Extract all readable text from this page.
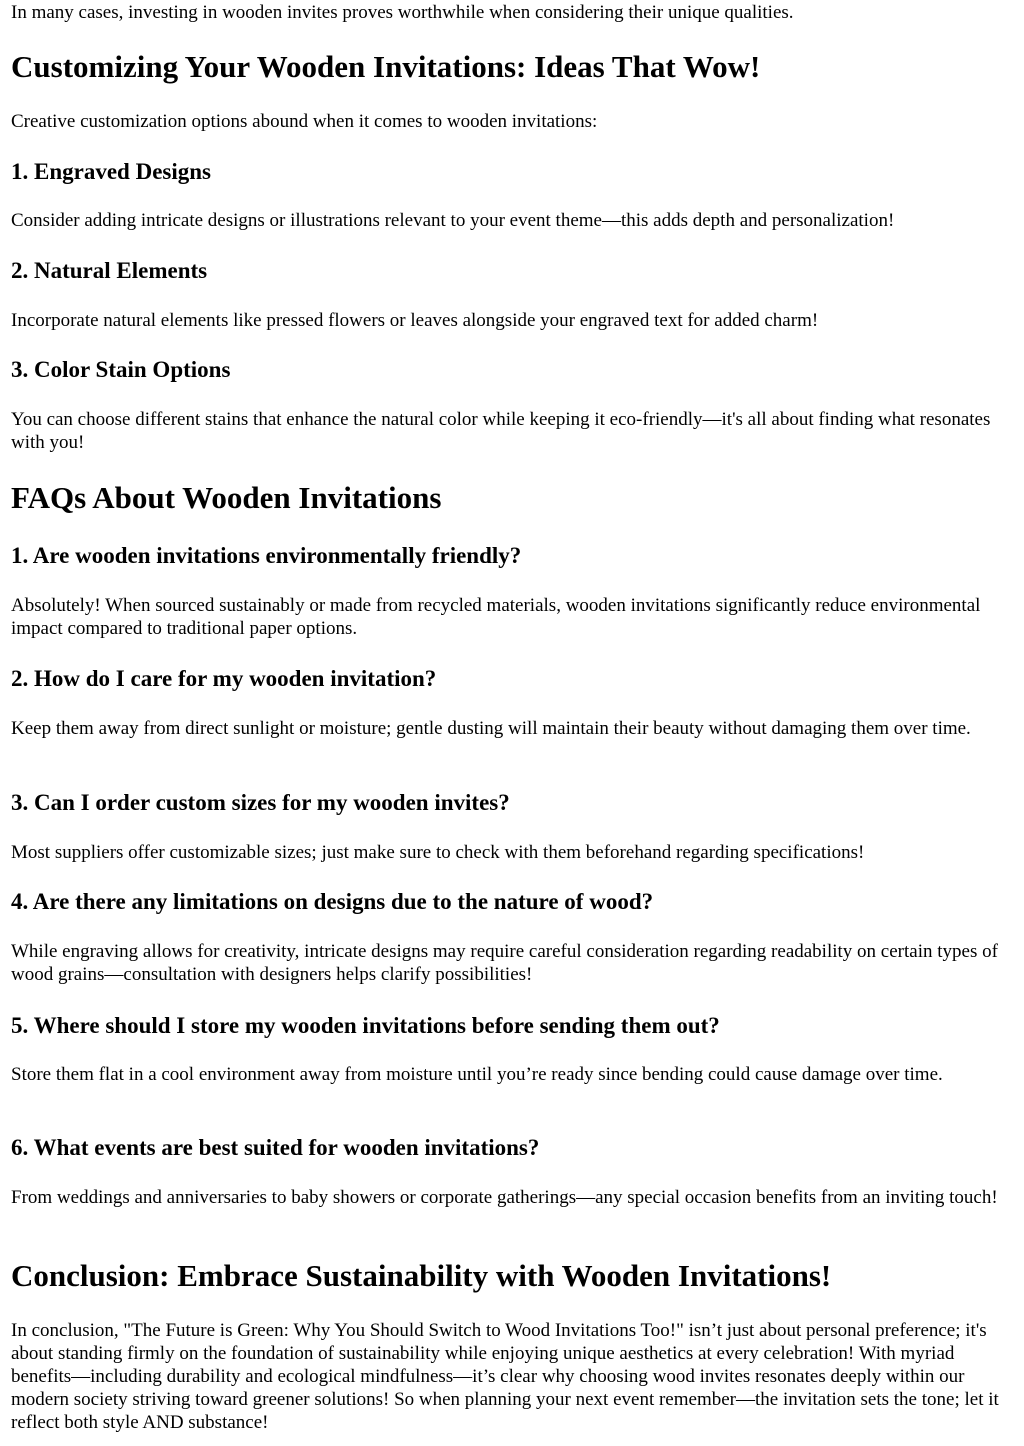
In many cases, investing in wooden invites proves worthwhile when considering their unique qualities.

Customizing Your Wooden Invitations: Ideas That Wow!

Creative customization options abound when it comes to wooden invitations:

1. Engraved Designs

Consider adding intricate designs or illustrations relevant to your event theme—this adds depth and personalization!

2. Natural Elements

Incorporate natural elements like pressed flowers or leaves alongside your engraved text for added charm!

3. Color Stain Options

You can choose different stains that enhance the natural color while keeping it eco-friendly—it's all about finding what resonates with you!

FAQs About Wooden Invitations
1. Are wooden invitations environmentally friendly?

Absolutely! When sourced sustainably or made from recycled materials, wooden invitations significantly reduce environmental impact compared to traditional paper options.

2. How do I care for my wooden invitation?

Keep them away from direct sunlight or moisture; gentle dusting will maintain their beauty without damaging them over time.

3. Can I order custom sizes for my wooden invites?

Most suppliers offer customizable sizes; just make sure to check with them beforehand regarding specifications!

4. Are there any limitations on designs due to the nature of wood?

While engraving allows for creativity, intricate designs may require careful consideration regarding readability on certain types of wood grains—consultation with designers helps clarify possibilities!

5. Where should I store my wooden invitations before sending them out?

Store them flat in a cool environment away from moisture until you’re ready since bending could cause damage over time.

6. What events are best suited for wooden invitations?

From weddings and anniversaries to baby showers or corporate gatherings—any special occasion benefits from an inviting touch!

Conclusion: Embrace Sustainability with Wooden Invitations!

In conclusion, "The Future is Green: Why You Should Switch to Wood Invitations Too!" isn’t just about personal preference; it's about standing firmly on the foundation of sustainability while enjoying unique aesthetics at every celebration! With myriad benefits—including durability and ecological mindfulness—it’s clear why choosing wood invites resonates deeply within our modern society striving toward greener solutions! So when planning your next event remember—the invitation sets the tone; let it reflect both style AND substance!
